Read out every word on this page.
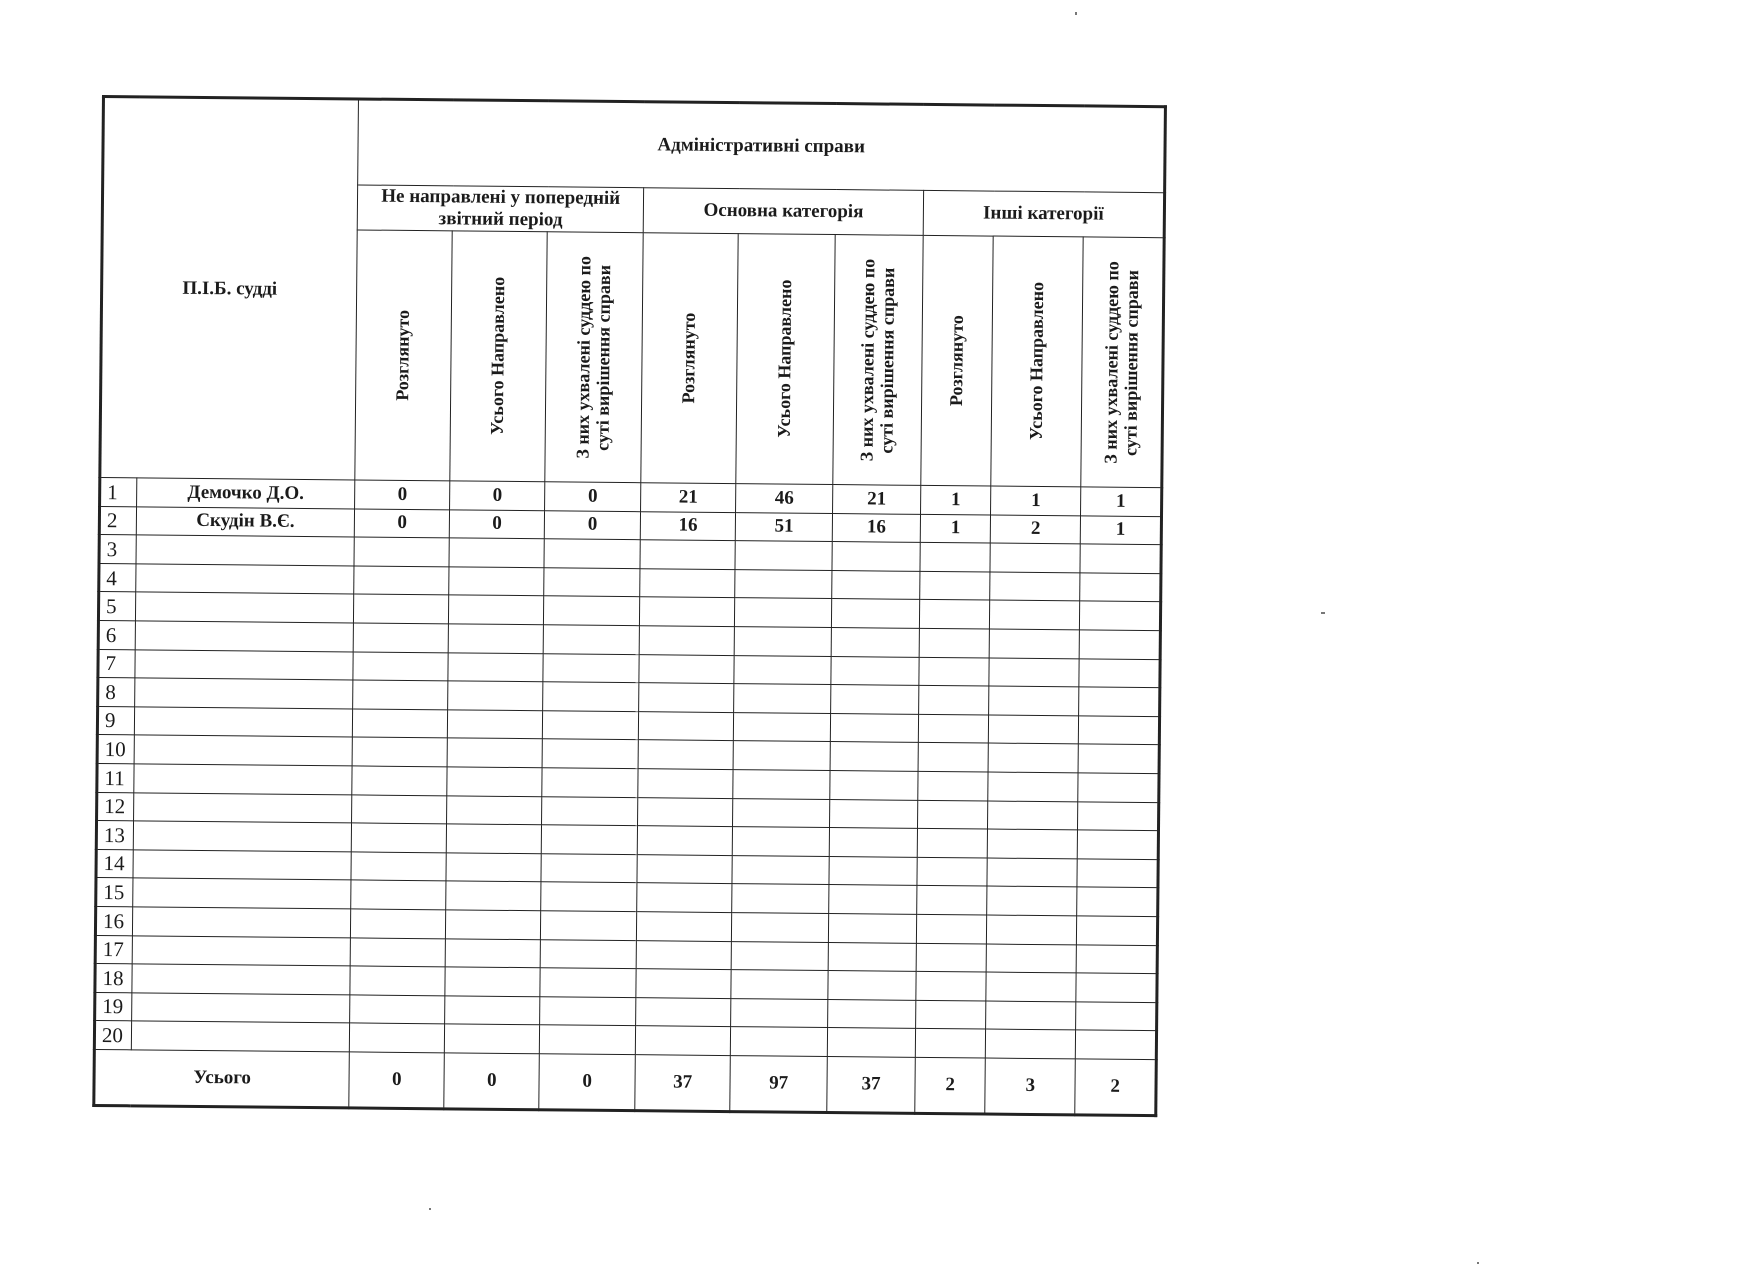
П.І.Б. судді		Адміністративні справи								
		Не направлені у попередній звітний період			Основна категорія			Інші категорії		

		Розглянуто	Усього Направлено	З них ухвалені суддею по суті вирішення справи	Розглянуто	Усього Направлено	З них ухвалені суддею по суті вирішення справи	Розглянуто	Усього Направлено	З них ухвалені суддею по суті вирішення справи

1	Демочко Д.О.	0	0	0	21	46	21	1	1	1
2	Скудін В.Є.	0	0	0	16	51	16	1	2	1
3										
4										
5										
6										
7										
8										
9										
10										
11										
12										
13										
14										
15										
16										
17										
18										
19										
20										
Усього		0	0	0	37	97	37	2	3	2
